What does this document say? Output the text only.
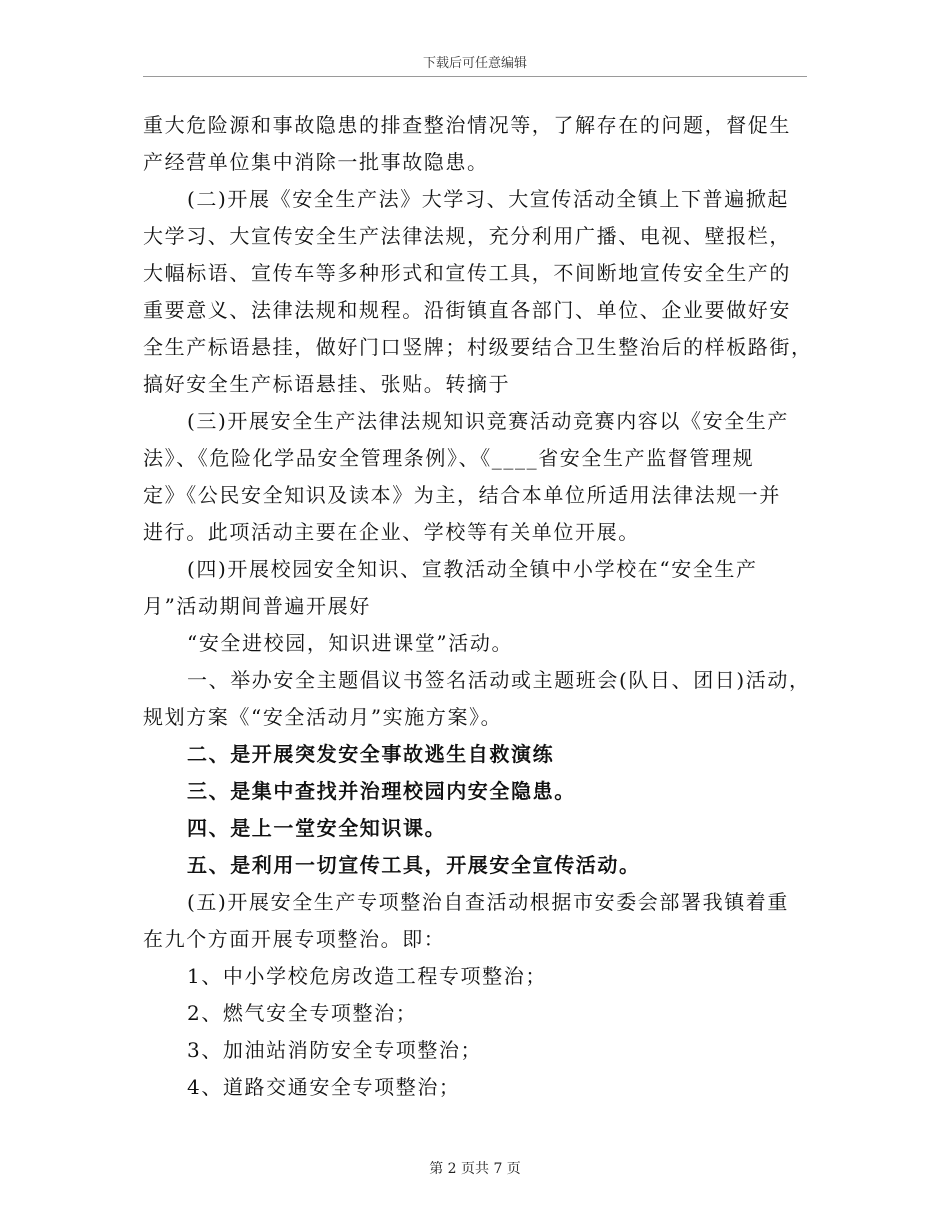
下载后可任意编辑
重大危险源和事故隐患的排查整治情况等，了解存在的问题，督促生
产经营单位集中消除一批事故隐患。
(二)开展《安全生产法》大学习、大宣传活动全镇上下普遍掀起
大学习、大宣传安全生产法律法规，充分利用广播、电视、壁报栏，
大幅标语、宣传车等多种形式和宣传工具，不间断地宣传安全生产的
重要意义、法律法规和规程。沿街镇直各部门、单位、企业要做好安
全生产标语悬挂，做好门口竖牌；村级要结合卫生整治后的样板路街，
搞好安全生产标语悬挂、张贴。转摘于
(三)开展安全生产法律法规知识竞赛活动竞赛内容以《安全生产
法》、《危险化学品安全管理条例》、《____省安全生产监督管理规
定》《公民安全知识及读本》为主，结合本单位所适用法律法规一并
进行。此项活动主要在企业、学校等有关单位开展。
(四)开展校园安全知识、宣教活动全镇中小学校在“安全生产
月”活动期间普遍开展好
“安全进校园，知识进课堂”活动。
一、举办安全主题倡议书签名活动或主题班会(队日、团日)活动，
规划方案《“安全活动月”实施方案》。
二、是开展突发安全事故逃生自救演练
三、是集中查找并治理校园内安全隐患。
四、是上一堂安全知识课。
五、是利用一切宣传工具，开展安全宣传活动。
(五)开展安全生产专项整治自查活动根据市安委会部署我镇着重
在九个方面开展专项整治。即：
1、中小学校危房改造工程专项整治；
2、燃气安全专项整治；
3、加油站消防安全专项整治；
4、道路交通安全专项整治；
第 2 页共 7 页
